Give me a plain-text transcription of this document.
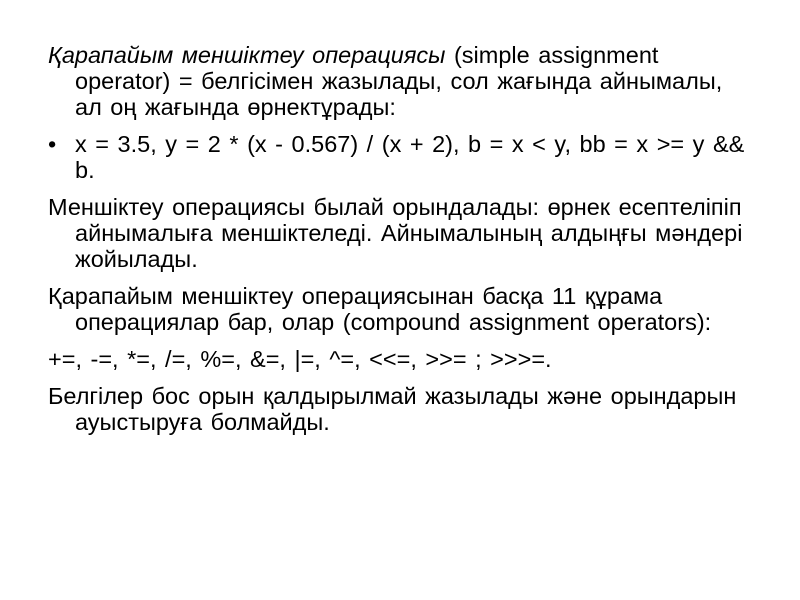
Қарапайым меншіктеу операциясы (simple assignment operator) = белгісімен жазылады, сол жағында айнымалы, ал оң жағында өрнектұрады:

• x = 3.5, y = 2 * (x - 0.567) / (x + 2), b = x < y, bb = x >= y && b.

Меншіктеу операциясы былай орындалады: өрнек есептеліпіп айнымалыға меншіктеледі. Айнымалының алдыңғы мәндері жойылады.

Қарапайым меншіктеу операциясынан басқа 11 құрама операциялар бар, олар (compound assignment operators):

+=, -=, *=, /=, %=, &=, |=, ^=, <<=, >>= ; >>>=.

Белгілер бос орын қалдырылмай жазылады және орындарын ауыстыруға болмайды.
